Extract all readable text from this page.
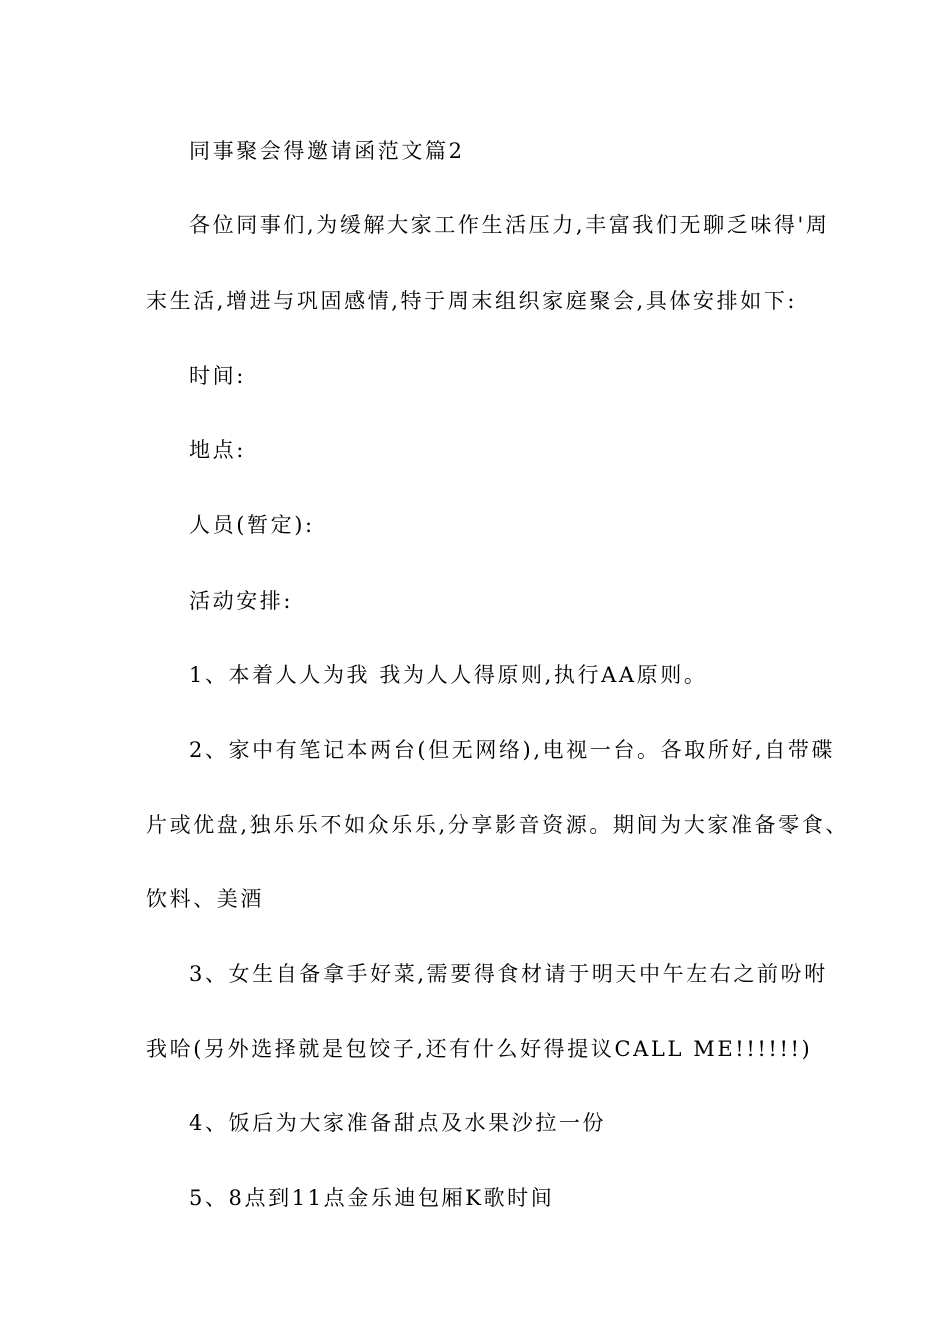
同事聚会得邀请函范文篇2
各位同事们,为缓解大家工作生活压力,丰富我们无聊乏味得'周
末生活,增进与巩固感情,特于周末组织家庭聚会,具体安排如下:
时间:
地点:
人员(暂定):
活动安排:
1、本着人人为我 我为人人得原则,执行AA原则。
2、家中有笔记本两台(但无网络),电视一台。各取所好,自带碟
片或优盘,独乐乐不如众乐乐,分享影音资源。期间为大家准备零食、
饮料、美酒
3、女生自备拿手好菜,需要得食材请于明天中午左右之前吩咐
我哈(另外选择就是包饺子,还有什么好得提议CALL ME!!!!!!)
4、饭后为大家准备甜点及水果沙拉一份
5、8点到11点金乐迪包厢K歌时间
